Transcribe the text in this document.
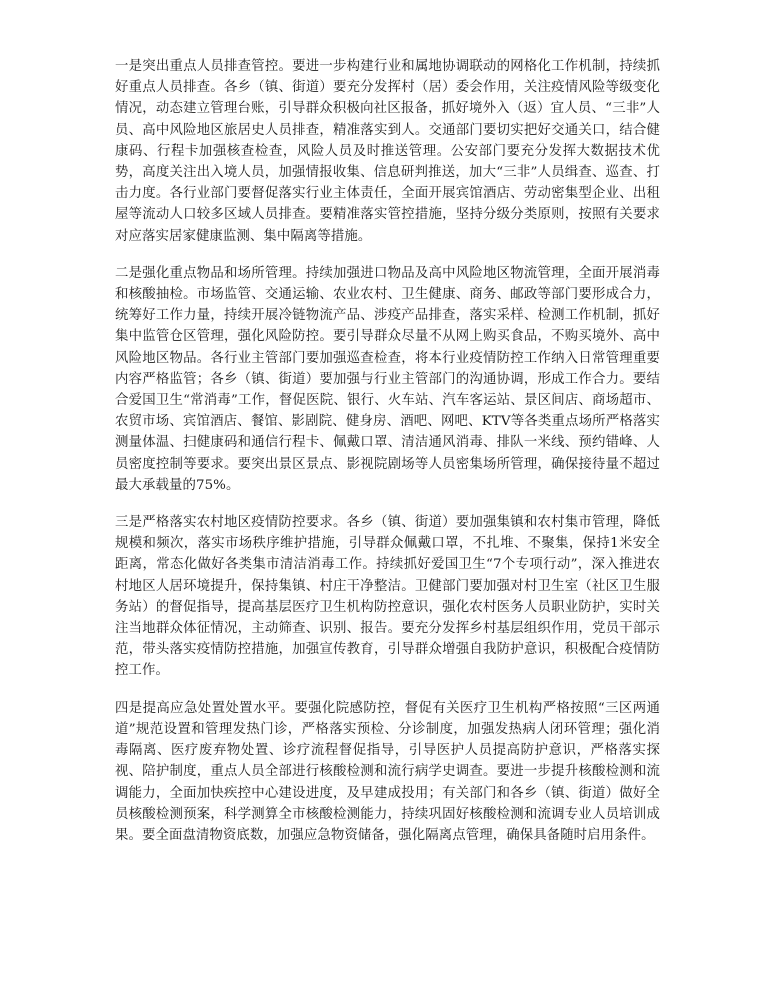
一是突出重点人员排查管控。要进一步构建行业和属地协调联动的网格化工作机制，持续抓好重点人员排查。各乡（镇、街道）要充分发挥村（居）委会作用，关注疫情风险等级变化情况，动态建立管理台账，引导群众积极向社区报备，抓好境外入（返）宜人员、“三非”人员、高中风险地区旅居史人员排查，精准落实到人。交通部门要切实把好交通关口，结合健康码、行程卡加强核查检查，风险人员及时推送管理。公安部门要充分发挥大数据技术优势，高度关注出入境人员，加强情报收集、信息研判推送，加大“三非”人员缉查、巡查、打击力度。各行业部门要督促落实行业主体责任，全面开展宾馆酒店、劳动密集型企业、出租屋等流动人口较多区域人员排查。要精准落实管控措施，坚持分级分类原则，按照有关要求对应落实居家健康监测、集中隔离等措施。

二是强化重点物品和场所管理。持续加强进口物品及高中风险地区物流管理，全面开展消毒和核酸抽检。市场监管、交通运输、农业农村、卫生健康、商务、邮政等部门要形成合力，统筹好工作力量，持续开展冷链物流产品、涉疫产品排查，落实采样、检测工作机制，抓好集中监管仓区管理，强化风险防控。要引导群众尽量不从网上购买食品，不购买境外、高中风险地区物品。各行业主管部门要加强巡查检查，将本行业疫情防控工作纳入日常管理重要内容严格监管；各乡（镇、街道）要加强与行业主管部门的沟通协调，形成工作合力。要结合爱国卫生“常消毒”工作，督促医院、银行、火车站、汽车客运站、景区间店、商场超市、农贸市场、宾馆酒店、餐馆、影剧院、健身房、酒吧、网吧、KTV等各类重点场所严格落实测量体温、扫健康码和通信行程卡、佩戴口罩、清洁通风消毒、排队一米线、预约错峰、人员密度控制等要求。要突出景区景点、影视院剧场等人员密集场所管理，确保接待量不超过最大承载量的75%。

三是严格落实农村地区疫情防控要求。各乡（镇、街道）要加强集镇和农村集市管理，降低规模和频次，落实市场秩序维护措施，引导群众佩戴口罩，不扎堆、不聚集，保持1米安全距离，常态化做好各类集市清洁消毒工作。持续抓好爱国卫生“7个专项行动”，深入推进农村地区人居环境提升，保持集镇、村庄干净整洁。卫健部门要加强对村卫生室（社区卫生服务站）的督促指导，提高基层医疗卫生机构防控意识，强化农村医务人员职业防护，实时关注当地群众体征情况，主动筛查、识别、报告。要充分发挥乡村基层组织作用，党员干部示范，带头落实疫情防控措施，加强宣传教育，引导群众增强自我防护意识，积极配合疫情防控工作。

四是提高应急处置处置水平。要强化院感防控，督促有关医疗卫生机构严格按照“三区两通道”规范设置和管理发热门诊，严格落实预检、分诊制度，加强发热病人闭环管理；强化消毒隔离、医疗废弃物处置、诊疗流程督促指导，引导医护人员提高防护意识，严格落实探视、陪护制度，重点人员全部进行核酸检测和流行病学史调查。要进一步提升核酸检测和流调能力，全面加快疾控中心建设进度，及早建成投用；有关部门和各乡（镇、街道）做好全员核酸检测预案，科学测算全市核酸检测能力，持续巩固好核酸检测和流调专业人员培训成果。要全面盘清物资底数，加强应急物资储备，强化隔离点管理，确保具备随时启用条件。
